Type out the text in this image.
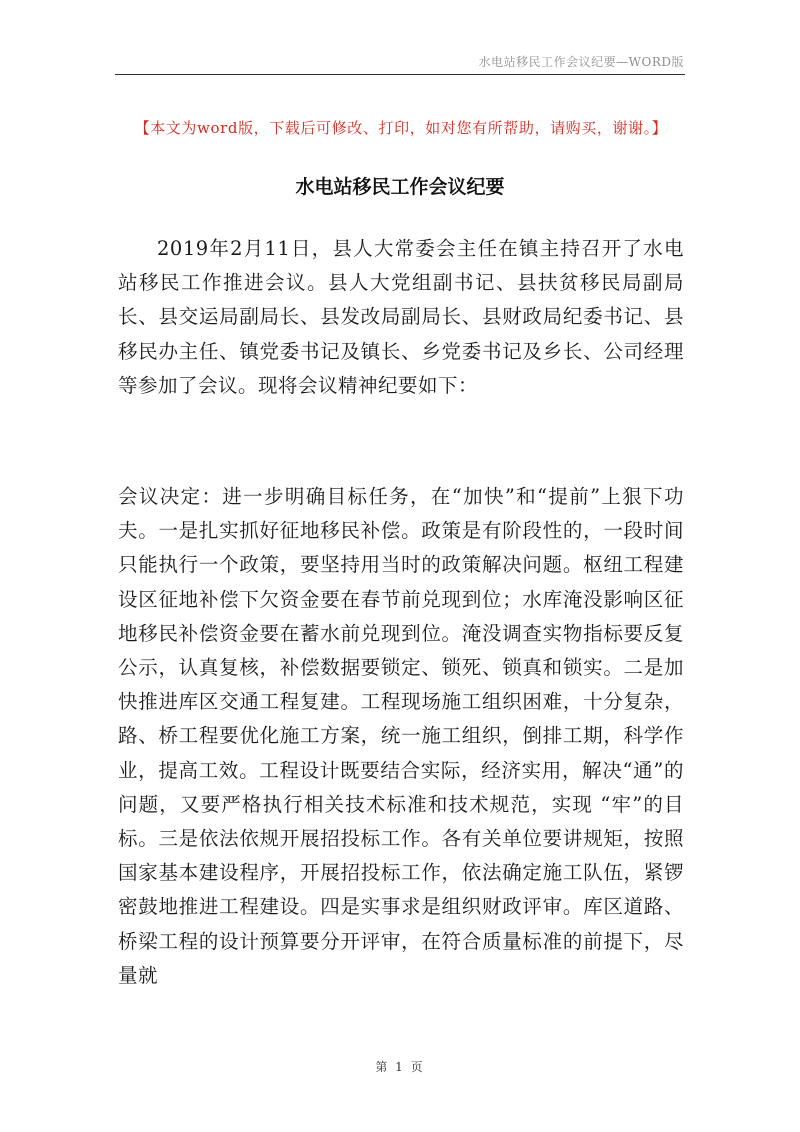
水电站移民工作会议纪要—WORD版
【本文为word版，下载后可修改、打印，如对您有所帮助，请购买，谢谢。】
水电站移民工作会议纪要

2019年2月11日，县人大常委会主任在镇主持召开了水电站移民工作推进会议。县人大党组副书记、县扶贫移民局副局长、县交运局副局长、县发改局副局长、县财政局纪委书记、县移民办主任、镇党委书记及镇长、乡党委书记及乡长、公司经理等参加了会议。现将会议精神纪要如下：

会议决定：进一步明确目标任务，在“加快”和“提前”上狠下功夫。一是扎实抓好征地移民补偿。政策是有阶段性的，一段时间只能执行一个政策，要坚持用当时的政策解决问题。枢纽工程建设区征地补偿下欠资金要在春节前兑现到位；水库淹没影响区征地移民补偿资金要在蓄水前兑现到位。淹没调查实物指标要反复公示，认真复核，补偿数据要锁定、锁死、锁真和锁实。二是加快推进库区交通工程复建。工程现场施工组织困难，十分复杂，路、桥工程要优化施工方案，统一施工组织，倒排工期，科学作业，提高工效。工程设计既要结合实际，经济实用，解决“通”的问题，又要严格执行相关技术标准和技术规范，实现 “牢”的目标。三是依法依规开展招投标工作。各有关单位要讲规矩，按照国家基本建设程序，开展招投标工作，依法确定施工队伍，紧锣密鼓地推进工程建设。四是实事求是组织财政评审。库区道路、桥梁工程的设计预算要分开评审，在符合质量标准的前提下，尽量就

第 1 页
